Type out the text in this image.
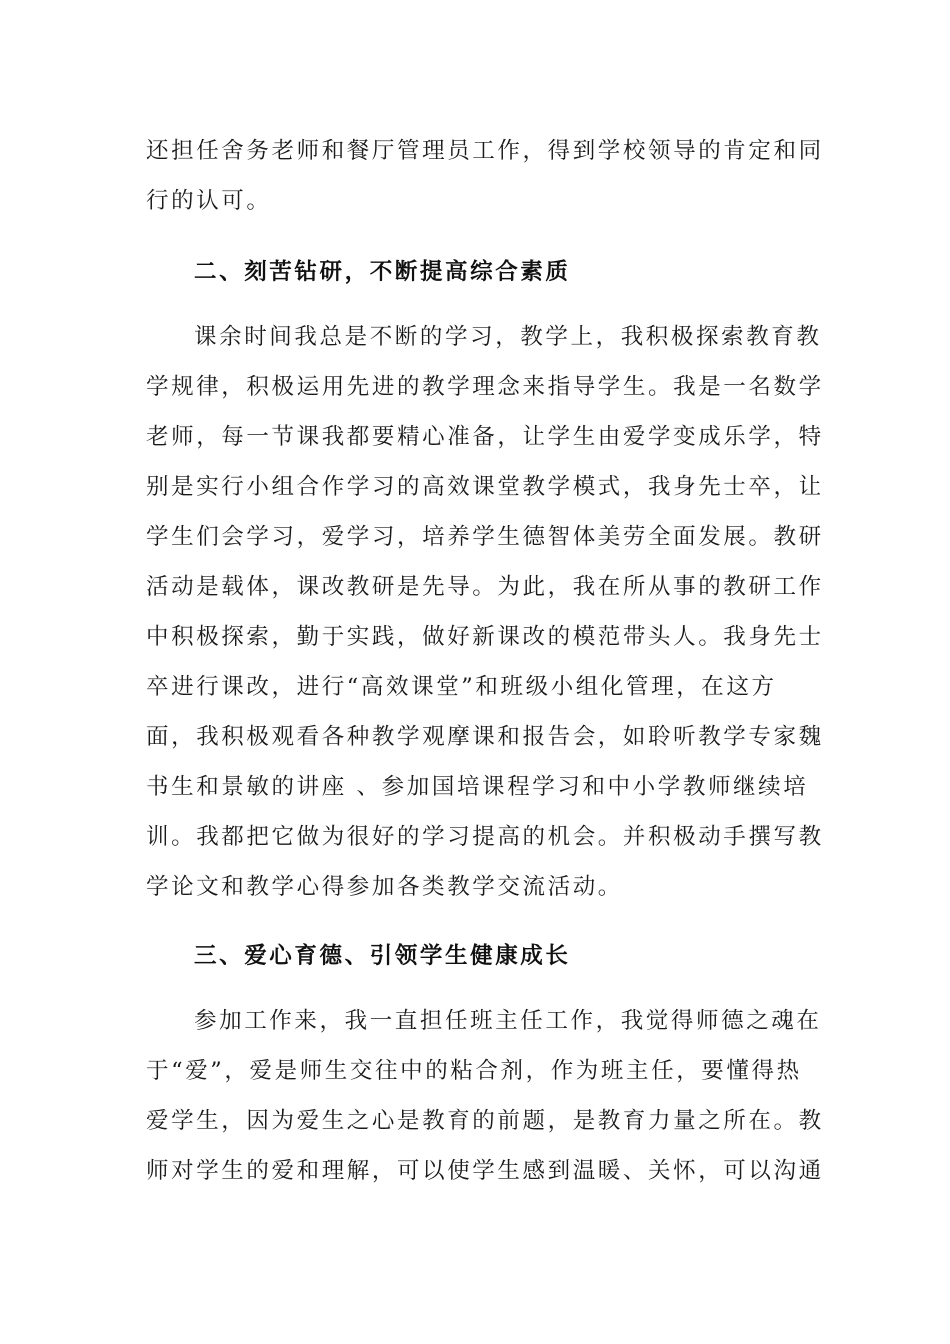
还担任舍务老师和餐厅管理员工作，得到学校领导的肯定和同
行的认可。
二、刻苦钻研，不断提高综合素质
课余时间我总是不断的学习，教学上，我积极探索教育教
学规律，积极运用先进的教学理念来指导学生。我是一名数学
老师，每一节课我都要精心准备，让学生由爱学变成乐学，特
别是实行小组合作学习的高效课堂教学模式，我身先士卒，让
学生们会学习，爱学习，培养学生德智体美劳全面发展。教研
活动是载体，课改教研是先导。为此，我在所从事的教研工作
中积极探索，勤于实践，做好新课改的模范带头人。我身先士
卒进行课改，进行“高效课堂”和班级小组化管理，在这方
面，我积极观看各种教学观摩课和报告会，如聆听教学专家魏
书生和景敏的讲座 、参加国培课程学习和中小学教师继续培
训。我都把它做为很好的学习提高的机会。并积极动手撰写教
学论文和教学心得参加各类教学交流活动。
三、爱心育德、引领学生健康成长
参加工作来，我一直担任班主任工作，我觉得师德之魂在
于“爱”，爱是师生交往中的粘合剂，作为班主任，要懂得热
爱学生，因为爱生之心是教育的前题，是教育力量之所在。教
师对学生的爱和理解，可以使学生感到温暖、关怀，可以沟通
